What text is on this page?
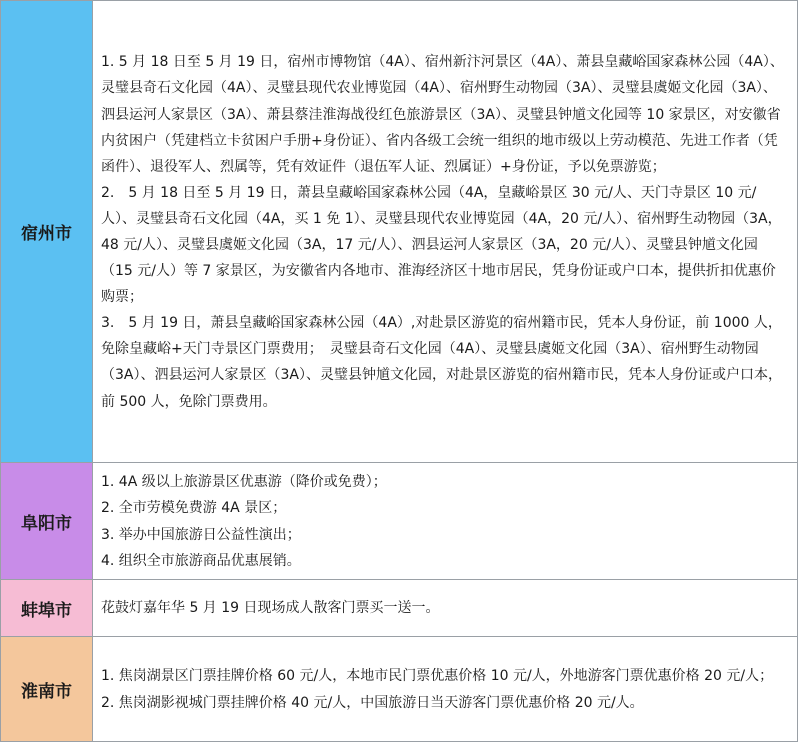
宿州市	1. 5 月 18 日至 5 月 19 日，宿州市博物馆（4A）、宿州新汴河景区（4A）、萧县皇藏峪国家森林公园（4A）、灵璧县奇石文化园（4A）、灵璧县现代农业博览园（4A）、宿州野生动物园（3A）、灵璧县虞姬文化园（3A）、泗县运河人家景区（3A）、萧县蔡洼淮海战役红色旅游景区（3A）、灵璧县钟馗文化园等 10 家景区，对安徽省内贫困户（凭建档立卡贫困户手册+身份证）、省内各级工会统一组织的地市级以上劳动模范、先进工作者（凭函件）、退役军人、烈属等，凭有效证件（退伍军人证、烈属证）+身份证，予以免票游览；

2.　5 月 18 日至 5 月 19 日，萧县皇藏峪国家森林公园（4A，皇藏峪景区 30 元/人、天门寺景区 10 元/人）、灵璧县奇石文化园（4A，买 1 免 1）、灵璧县现代农业博览园（4A，20 元/人）、宿州野生动物园（3A，48 元/人）、灵璧县虞姬文化园（3A，17 元/人）、泗县运河人家景区（3A，20 元/人）、灵璧县钟馗文化园（15 元/人）等 7 家景区，为安徽省内各地市、淮海经济区十地市居民，凭身份证或户口本，提供折扣优惠价购票；

3.　5 月 19 日，萧县皇藏峪国家森林公园（4A）,对赴景区游览的宿州籍市民，凭本人身份证，前 1000 人，免除皇藏峪+天门寺景区门票费用；　灵璧县奇石文化园（4A）、灵璧县虞姬文化园（3A）、宿州野生动物园（3A）、泗县运河人家景区（3A）、灵璧县钟馗文化园，对赴景区游览的宿州籍市民，凭本人身份证或户口本，前 500 人，免除门票费用。

阜阳市	1. 4A 级以上旅游景区优惠游（降价或免费）；

2. 全市劳模免费游 4A 景区；

3. 举办中国旅游日公益性演出；

4. 组织全市旅游商品优惠展销。

蚌埠市	花鼓灯嘉年华 5 月 19 日现场成人散客门票买一送一。

淮南市	1. 焦岗湖景区门票挂牌价格 60 元/人，本地市民门票优惠价格 10 元/人，外地游客门票优惠价格 20 元/人；

2. 焦岗湖影视城门票挂牌价格 40 元/人，中国旅游日当天游客门票优惠价格 20 元/人。
